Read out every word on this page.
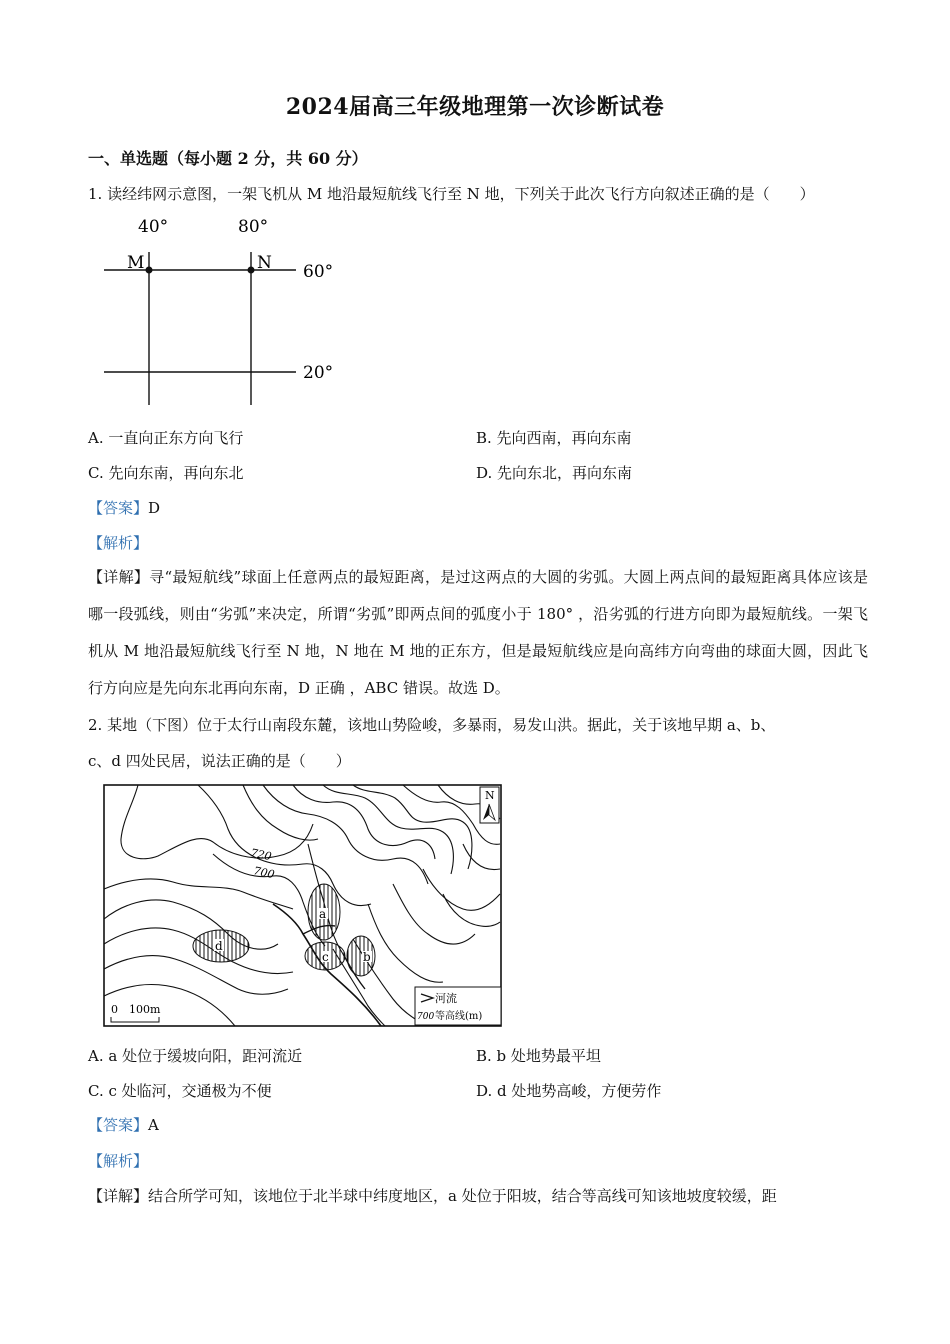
2024届高三年级地理第一次诊断试卷
一、单选题（每小题 2 分，共 60 分）
1. 读经纬网示意图，一架飞机从 M 地沿最短航线飞行至 N 地，下列关于此次飞行方向叙述正确的是（　　）
40°	80°
M	N 60°
20°
A. 一直向正东方向飞行	B. 先向西南，再向东南
C. 先向东南，再向东北	D. 先向东北，再向东南
【答案】D
【解析】
【详解】寻“最短航线”球面上任意两点的最短距离，是过这两点的大圆的劣弧。大圆上两点间的最短距离具体应该是哪一段弧线，则由“劣弧”来决定，所谓“劣弧”即两点间的弧度小于 180° ，沿劣弧的行进方向即为最短航线。一架飞机从 M 地沿最短航线飞行至 N 地，N 地在 M 地的正东方，但是最短航线应是向高纬方向弯曲的球面大圆，因此飞行方向应是先向东北再向东南，D 正确 ，ABC 错误。故选 D。
2. 某地（下图）位于太行山南段东麓，该地山势险峻，多暴雨，易发山洪。据此，关于该地早期 a、b、
c、d 四处民居，说法正确的是（　　）
a
b
c
d
720
700
N
0 100m
河流
700 等高线(m)
A. a 处位于缓坡向阳，距河流近	B. b 处地势最平坦
C. c 处临河，交通极为不便	D. d 处地势高峻，方便劳作
【答案】A
【解析】
【详解】结合所学可知，该地位于北半球中纬度地区，a 处位于阳坡，结合等高线可知该地坡度较缓，距
